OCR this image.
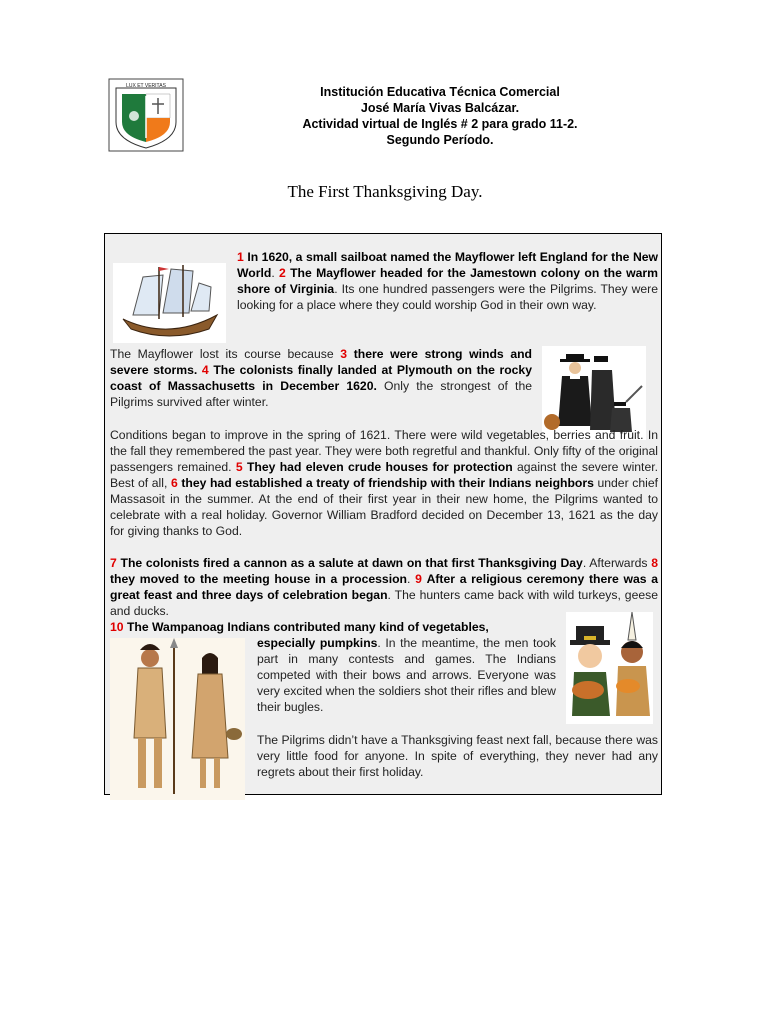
LUX ET VERITAS	Institución Educativa Técnica Comercial
José María Vivas Balcázar.
Actividad virtual de Inglés # 2 para grado 11-2.
Segundo Período.
The First Thanksgiving Day.
1 In 1620, a small sailboat named the Mayflower left England for the New World. 2 The Mayflower headed for the Jamestown colony on the warm shore of Virginia. Its one hundred passengers were the Pilgrims. They were looking for a place where they could worship God in their own way.
The Mayflower lost its course because 3 there were strong winds and severe storms. 4 The colonists finally landed at Plymouth on the rocky coast of Massachusetts in December 1620. Only the strongest of the Pilgrims survived after winter.
Conditions began to improve in the spring of 1621. There were wild vegetables, berries and fruit. In the fall they remembered the past year. They were both regretful and thankful. Only fifty of the original passengers remained. 5 They had eleven crude houses for protection against the severe winter. Best of all, 6 they had established a treaty of friendship with their Indians neighbors under chief Massasoit in the summer. At the end of their first year in their new home, the Pilgrims wanted to celebrate with a real holiday. Governor William Bradford decided on December 13, 1621 as the day for giving thanks to God.
7 The colonists fired a cannon as a salute at dawn on that first Thanksgiving Day. Afterwards 8 they moved to the meeting house in a procession. 9 After a religious ceremony there was a great feast and three days of celebration began. The hunters came back with wild turkeys, geese and ducks.
10 The Wampanoag Indians contributed many kind of vegetables,
especially pumpkins. In the meantime, the men took part in many contests and games. The Indians competed with their bows and arrows. Everyone was very excited when the soldiers shot their rifles and blew their bugles.
The Pilgrims didn’t have a Thanksgiving feast next fall, because there was very little food for anyone. In spite of everything, they never had any regrets about their first holiday.
